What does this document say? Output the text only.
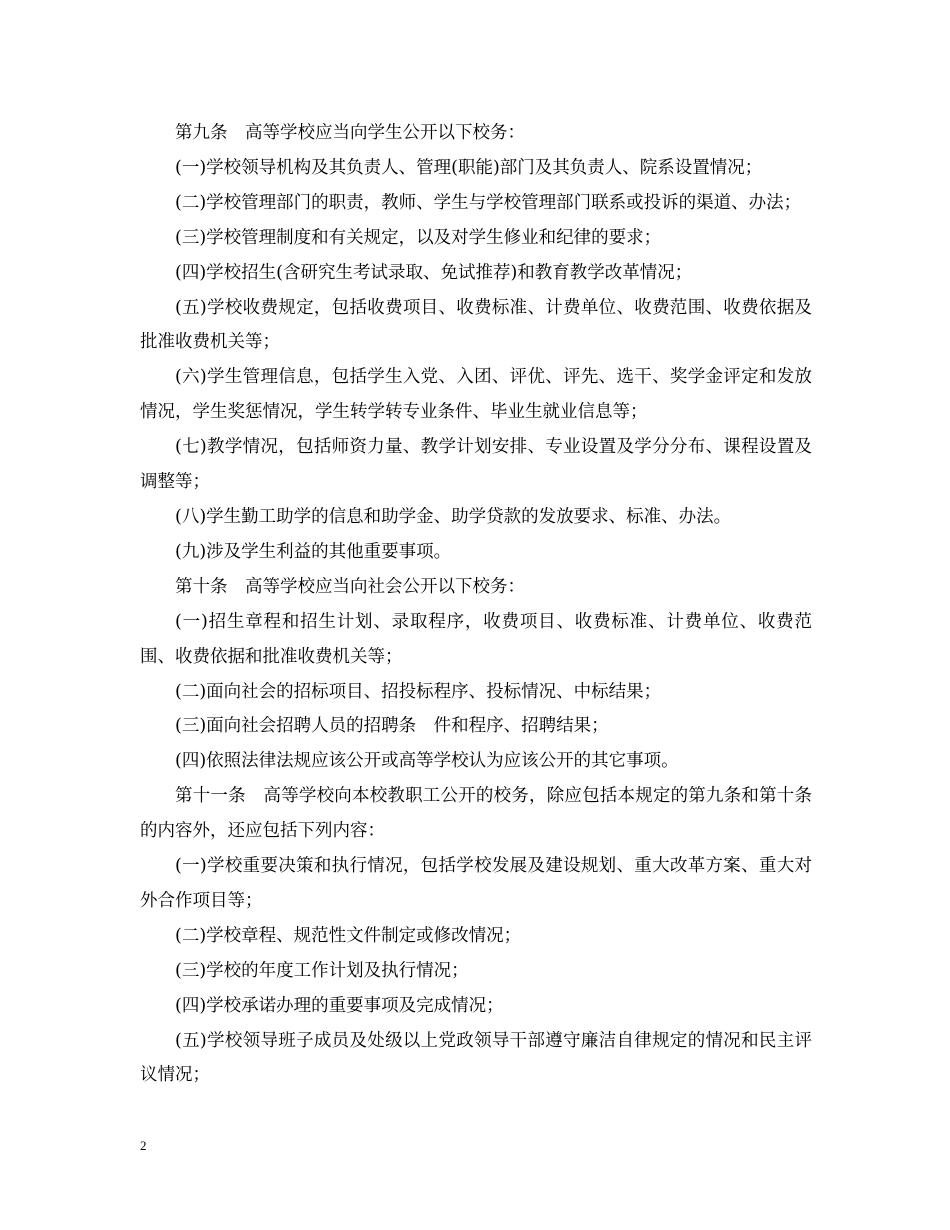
第九条　高等学校应当向学生公开以下校务：

(一)学校领导机构及其负责人、管理(职能)部门及其负责人、院系设置情况；

(二)学校管理部门的职责，教师、学生与学校管理部门联系或投诉的渠道、办法；

(三)学校管理制度和有关规定，以及对学生修业和纪律的要求；

(四)学校招生(含研究生考试录取、免试推荐)和教育教学改革情况；

(五)学校收费规定，包括收费项目、收费标准、计费单位、收费范围、收费依据及批准收费机关等；

(六)学生管理信息，包括学生入党、入团、评优、评先、选干、奖学金评定和发放情况，学生奖惩情况，学生转学转专业条件、毕业生就业信息等；

(七)教学情况，包括师资力量、教学计划安排、专业设置及学分分布、课程设置及调整等；

(八)学生勤工助学的信息和助学金、助学贷款的发放要求、标准、办法。

(九)涉及学生利益的其他重要事项。

第十条　高等学校应当向社会公开以下校务：

(一)招生章程和招生计划、录取程序，收费项目、收费标准、计费单位、收费范围、收费依据和批准收费机关等；

(二)面向社会的招标项目、招投标程序、投标情况、中标结果；

(三)面向社会招聘人员的招聘条　件和程序、招聘结果；

(四)依照法律法规应该公开或高等学校认为应该公开的其它事项。

第十一条　高等学校向本校教职工公开的校务，除应包括本规定的第九条和第十条　的内容外，还应包括下列内容：

(一)学校重要决策和执行情况，包括学校发展及建设规划、重大改革方案、重大对外合作项目等；

(二)学校章程、规范性文件制定或修改情况；

(三)学校的年度工作计划及执行情况；

(四)学校承诺办理的重要事项及完成情况；

(五)学校领导班子成员及处级以上党政领导干部遵守廉洁自律规定的情况和民主评议情况；

2
